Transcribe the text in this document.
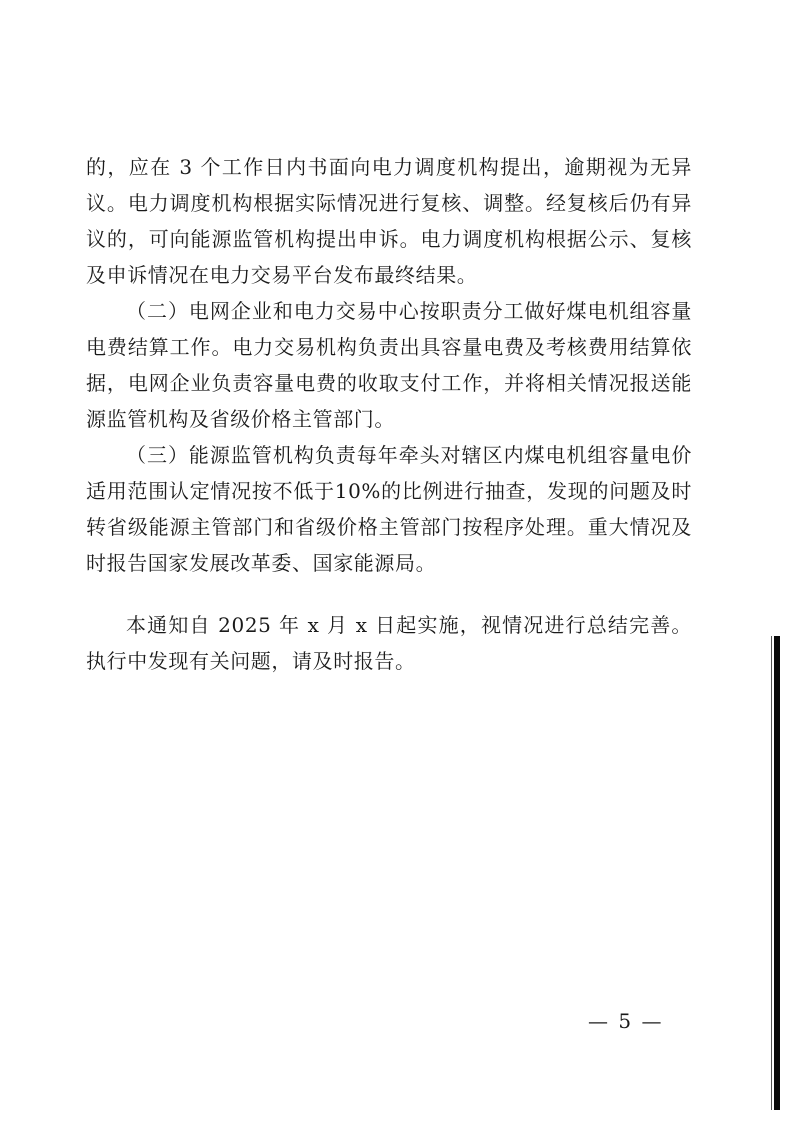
的，应在 3 个工作日内书面向电力调度机构提出，逾期视为无异议。电力调度机构根据实际情况进行复核、调整。经复核后仍有异议的，可向能源监管机构提出申诉。电力调度机构根据公示、复核及申诉情况在电力交易平台发布最终结果。

（二）电网企业和电力交易中心按职责分工做好煤电机组容量电费结算工作。电力交易机构负责出具容量电费及考核费用结算依据，电网企业负责容量电费的收取支付工作，并将相关情况报送能源监管机构及省级价格主管部门。

（三）能源监管机构负责每年牵头对辖区内煤电机组容量电价适用范围认定情况按不低于10%的比例进行抽查，发现的问题及时转省级能源主管部门和省级价格主管部门按程序处理。重大情况及时报告国家发展改革委、国家能源局。

本通知自 2025 年 x 月 x 日起实施，视情况进行总结完善。执行中发现有关问题，请及时报告。

— 5 —
